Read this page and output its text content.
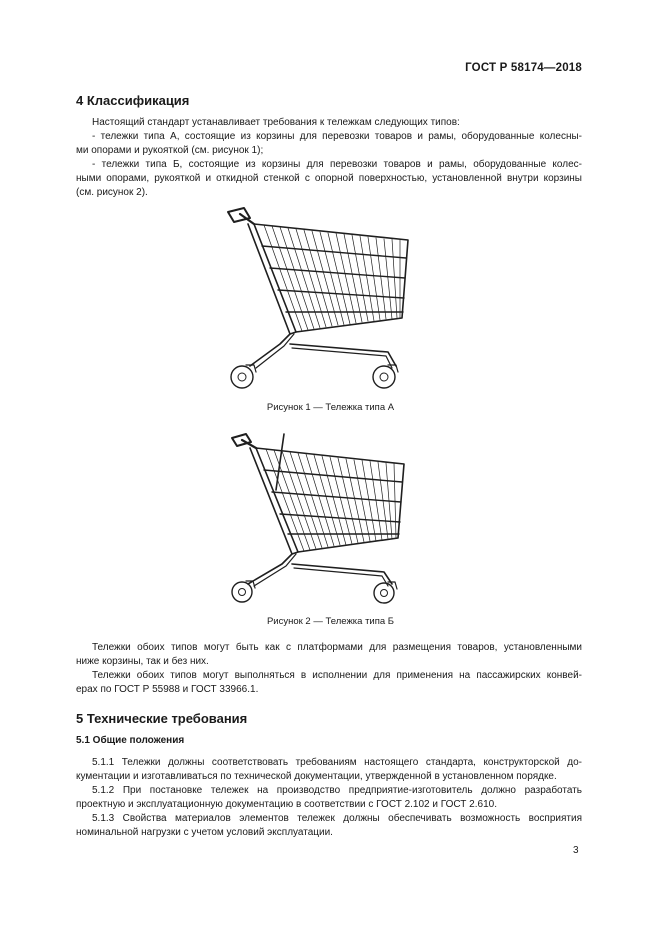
ГОСТ Р 58174—2018
4 Классификация
Настоящий стандарт устанавливает требования к тележкам следующих типов:
- тележки типа А, состоящие из корзины для перевозки товаров и рамы, оборудованные колесны-
ми опорами и рукояткой (см. рисунок 1);
- тележки типа Б, состоящие из корзины для перевозки товаров и рамы, оборудованные колес-
ными опорами, рукояткой и откидной стенкой с опорной поверхностью, установленной внутри корзины
(см. рисунок 2).
Рисунок 1 — Тележка типа А
Рисунок 2 — Тележка типа Б
Тележки обоих типов могут быть как с платформами для размещения товаров, установленными
ниже корзины, так и без них.
Тележки обоих типов могут выполняться в исполнении для применения на пассажирских конвей-
ерах по ГОСТ Р 55988 и ГОСТ 33966.1.
5 Технические требования
5.1 Общие положения
5.1.1 Тележки должны соответствовать требованиям настоящего стандарта, конструкторской до-
кументации и изготавливаться по технической документации, утвержденной в установленном порядке.
5.1.2 При постановке тележек на производство предприятие-изготовитель должно разработать
проектную и эксплуатационную документацию в соответствии с ГОСТ 2.102 и ГОСТ 2.610.
5.1.3 Свойства материалов элементов тележек должны обеспечивать возможность восприятия
номинальной нагрузки с учетом условий эксплуатации.
3
